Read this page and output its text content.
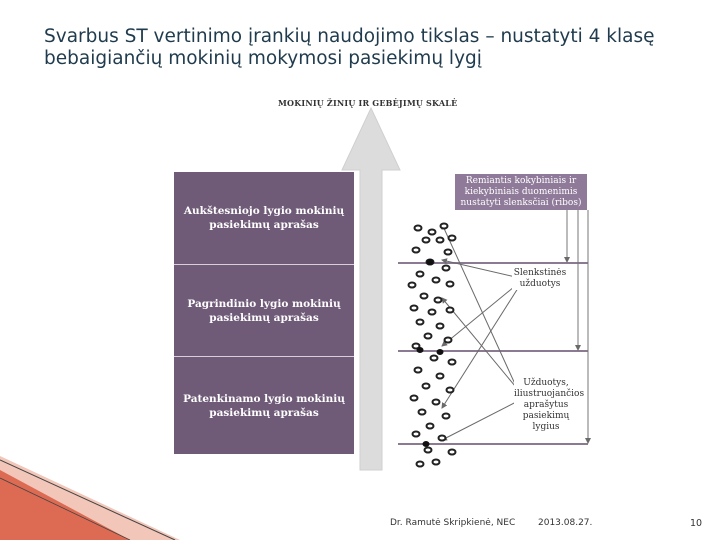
Svarbus ST vertinimo įrankių naudojimo tikslas – nustatyti 4 klasę bebaigiančių mokinių mokymosi pasiekimų lygį
MOKINIŲ ŽINIŲ IR GEBĖJIMŲ SKALĖ
Aukštesniojo lygio mokinių pasiekimų aprašas
Pagrindinio lygio mokinių pasiekimų aprašas
Patenkinamo lygio mokinių pasiekimų aprašas
Remiantis kokybiniais ir kiekybiniais duomenimis nustatyti slenksčiai (ribos)
Slenkstinės užduotys
Užduotys, iliustruojančios aprašytus pasiekimų lygius
Dr. Ramutė Skripkienė, NEC	2013.08.27.	10
